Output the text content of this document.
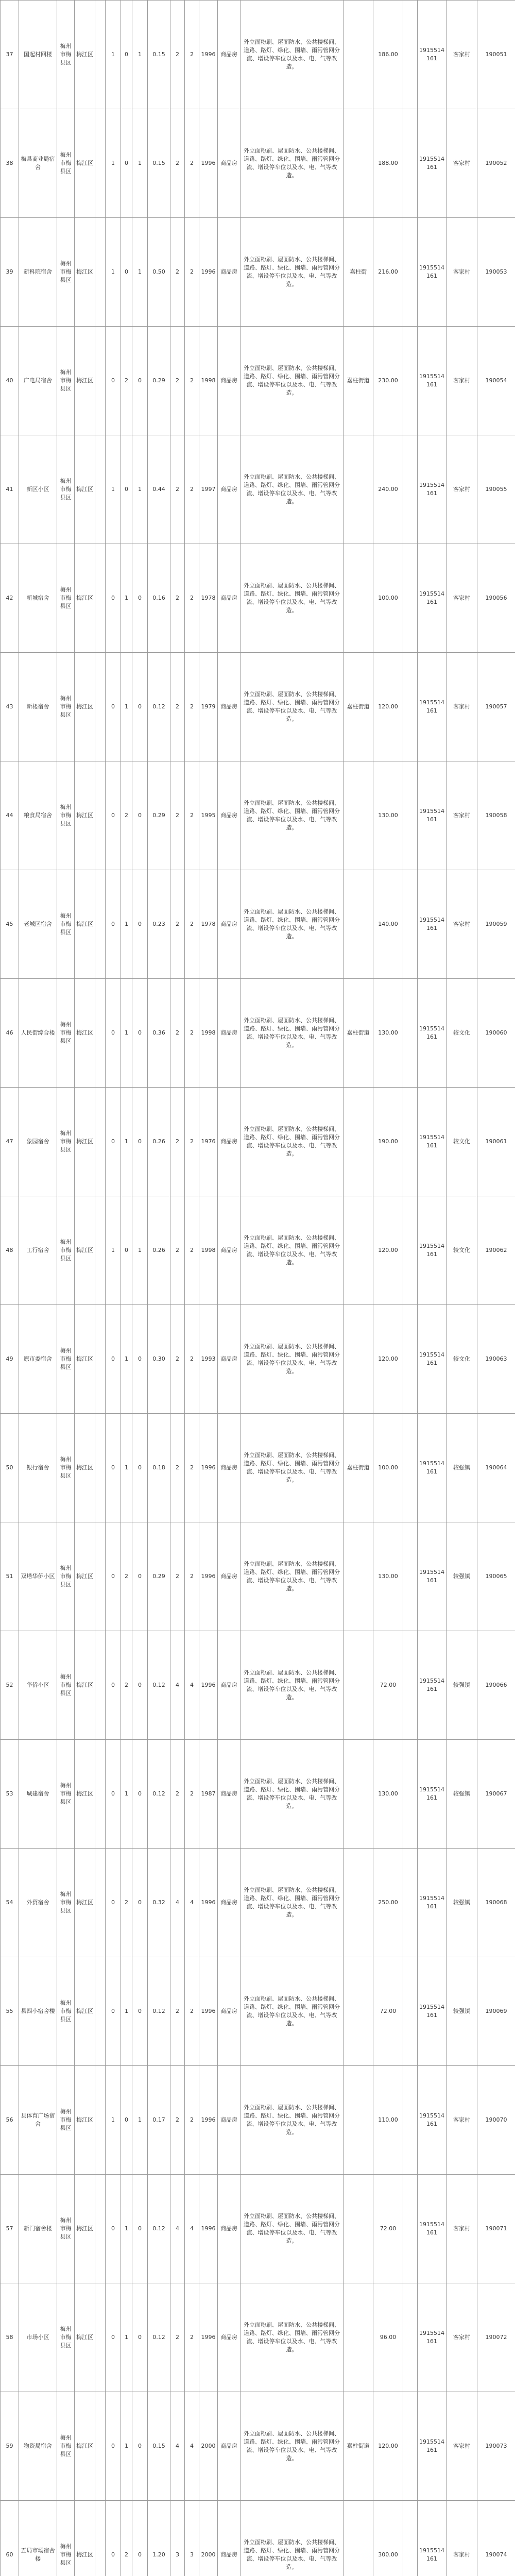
37	国起村回楼	梅州市梅县区	梅江区		1	0	1	0.15	2	2	1996	商品房	外立面粉刷、屋面防水、公共楼梯间、道路、路灯、绿化、围墙、雨污管网分流、增设停车位以及水、电、气等改造。		186.00		1915514161	客家村	190051
38	梅县商业局宿舍	梅州市梅县区	梅江区		1	0	1	0.15	2	2	1996	商品房	外立面粉刷、屋面防水、公共楼梯间、道路、路灯、绿化、围墙、雨污管网分流、增设停车位以及水、电、气等改造。		188.00		1915514161	客家村	190052
39	新科院宿舍	梅州市梅县区	梅江区		1	0	1	0.50	2	2	1996	商品房	外立面粉刷、屋面防水、公共楼梯间、道路、路灯、绿化、围墙、雨污管网分流、增设停车位以及水、电、气等改造。	嘉柱街	216.00		1915514161	客家村	190053
40	广电局宿舍	梅州市梅县区	梅江区		0	2	0	0.29	2	2	1998	商品房	外立面粉刷、屋面防水、公共楼梯间、道路、路灯、绿化、围墙、雨污管网分流、增设停车位以及水、电、气等改造。	嘉柱街道	230.00		1915514161	客家村	190054
41	新区小区	梅州市梅县区	梅江区		1	0	1	0.44	2	2	1997	商品房	外立面粉刷、屋面防水、公共楼梯间、道路、路灯、绿化、围墙、雨污管网分流、增设停车位以及水、电、气等改造。		240.00		1915514161	客家村	190055
42	新城宿舍	梅州市梅县区	梅江区		0	1	0	0.16	2	2	1978	商品房	外立面粉刷、屋面防水、公共楼梯间、道路、路灯、绿化、围墙、雨污管网分流、增设停车位以及水、电、气等改造。		100.00		1915514161	客家村	190056
43	新楼宿舍	梅州市梅县区	梅江区		0	1	0	0.12	2	2	1979	商品房	外立面粉刷、屋面防水、公共楼梯间、道路、路灯、绿化、围墙、雨污管网分流、增设停车位以及水、电、气等改造。	嘉柱街道	120.00		1915514161	客家村	190057
44	粮食局宿舍	梅州市梅县区	梅江区		0	2	0	0.29	2	2	1995	商品房	外立面粉刷、屋面防水、公共楼梯间、道路、路灯、绿化、围墙、雨污管网分流、增设停车位以及水、电、气等改造。		130.00		1915514161	客家村	190058
45	老城区宿舍	梅州市梅县区	梅江区		0	1	0	0.23	2	2	1978	商品房	外立面粉刷、屋面防水、公共楼梯间、道路、路灯、绿化、围墙、雨污管网分流、增设停车位以及水、电、气等改造。		140.00		1915514161	客家村	190059
46	人民街综合楼	梅州市梅县区	梅江区		0	1	0	0.36	2	2	1998	商品房	外立面粉刷、屋面防水、公共楼梯间、道路、路灯、绿化、围墙、雨污管网分流、增设停车位以及水、电、气等改造。	嘉柱街道	130.00		1915514161	较文化	190060
47	象园宿舍	梅州市梅县区	梅江区		0	1	0	0.26	2	2	1976	商品房	外立面粉刷、屋面防水、公共楼梯间、道路、路灯、绿化、围墙、雨污管网分流、增设停车位以及水、电、气等改造。		190.00		1915514161	较文化	190061
48	工行宿舍	梅州市梅县区	梅江区		1	0	1	0.26	2	2	1998	商品房	外立面粉刷、屋面防水、公共楼梯间、道路、路灯、绿化、围墙、雨污管网分流、增设停车位以及水、电、气等改造。		120.00		1915514161	较文化	190062
49	原市委宿舍	梅州市梅县区	梅江区		0	1	0	0.30	2	2	1993	商品房	外立面粉刷、屋面防水、公共楼梯间、道路、路灯、绿化、围墙、雨污管网分流、增设停车位以及水、电、气等改造。		120.00		1915514161	较文化	190063
50	银行宿舍	梅州市梅县区	梅江区		0	1	0	0.18	2	2	1996	商品房	外立面粉刷、屋面防水、公共楼梯间、道路、路灯、绿化、围墙、雨污管网分流、增设停车位以及水、电、气等改造。	嘉柱街道	100.00		1915514161	较强镇	190064
51	双塔华侨小区	梅州市梅县区	梅江区		0	2	0	0.29	2	2	1996	商品房	外立面粉刷、屋面防水、公共楼梯间、道路、路灯、绿化、围墙、雨污管网分流、增设停车位以及水、电、气等改造。		130.00		1915514161	较强镇	190065
52	华侨小区	梅州市梅县区	梅江区		0	2	0	0.12	4	4	1996	商品房	外立面粉刷、屋面防水、公共楼梯间、道路、路灯、绿化、围墙、雨污管网分流、增设停车位以及水、电、气等改造。		72.00		1915514161	较强镇	190066
53	城建宿舍	梅州市梅县区	梅江区		0	1	0	0.12	2	2	1987	商品房	外立面粉刷、屋面防水、公共楼梯间、道路、路灯、绿化、围墙、雨污管网分流、增设停车位以及水、电、气等改造。		130.00		1915514161	较强镇	190067
54	外贸宿舍	梅州市梅县区	梅江区		0	2	0	0.32	4	4	1996	商品房	外立面粉刷、屋面防水、公共楼梯间、道路、路灯、绿化、围墙、雨污管网分流、增设停车位以及水、电、气等改造。		250.00		1915514161	较强镇	190068
55	县四小宿舍楼	梅州市梅县区	梅江区		0	1	0	0.12	2	2	1996	商品房	外立面粉刷、屋面防水、公共楼梯间、道路、路灯、绿化、围墙、雨污管网分流、增设停车位以及水、电、气等改造。		72.00		1915514161	较强镇	190069
56	县体育广场宿舍	梅州市梅县区	梅江区		1	0	1	0.17	2	2	1996	商品房	外立面粉刷、屋面防水、公共楼梯间、道路、路灯、绿化、围墙、雨污管网分流、增设停车位以及水、电、气等改造。		110.00		1915514161	客家村	190070
57	新门宿舍楼	梅州市梅县区	梅江区		0	1	0	0.12	4	4	1996	商品房	外立面粉刷、屋面防水、公共楼梯间、道路、路灯、绿化、围墙、雨污管网分流、增设停车位以及水、电、气等改造。		72.00		1915514161	客家村	190071
58	市场小区	梅州市梅县区	梅江区		0	1	0	0.12	2	2	1996	商品房	外立面粉刷、屋面防水、公共楼梯间、道路、路灯、绿化、围墙、雨污管网分流、增设停车位以及水、电、气等改造。		96.00		1915514161	客家村	190072
59	物资局宿舍	梅州市梅县区	梅江区		0	1	0	0.15	4	4	2000	商品房	外立面粉刷、屋面防水、公共楼梯间、道路、路灯、绿化、围墙、雨污管网分流、增设停车位以及水、电、气等改造。	嘉柱街道	120.00		1915514161	客家村	190073
60	五局市场宿舍楼	梅州市梅县区	梅江区		0	2	0	1.20	3	3	2000	商品房	外立面粉刷、屋面防水、公共楼梯间、道路、路灯、绿化、围墙、雨污管网分流、增设停车位以及水、电、气等改造。		300.00		1915514161	客家村	190074
